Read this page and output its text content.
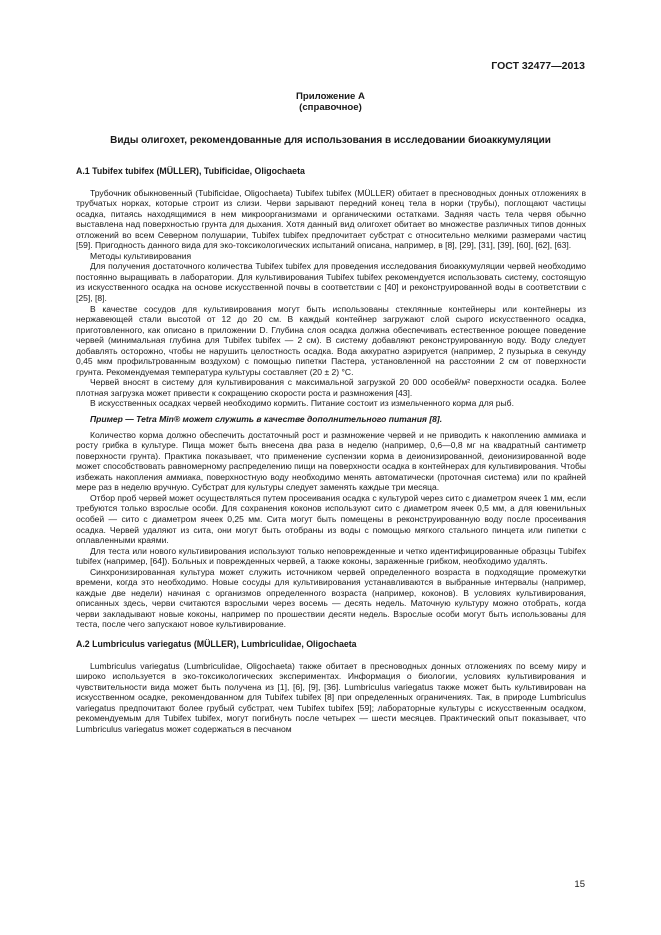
ГОСТ 32477—2013
Приложение А
(справочное)
Виды олигохет, рекомендованные для использования в исследовании биоаккумуляции
А.1 Tubifex tubifex (MÜLLER), Tubificidae, Oligochaeta

Трубочник обыкновенный (Tubificidae, Oligochaeta) Tubifex tubifex (MÜLLER) обитает в пресноводных донных отложениях в трубчатых норках, которые строит из слизи. Черви зарывают передний конец тела в норки (трубы), поглощают частицы осадка, питаясь находящимися в нем микроорганизмами и органическими остатками. Задняя часть тела червя обычно выставлена над поверхностью грунта для дыхания. Хотя данный вид олигохет обитает во множестве различных типов донных отложений во всем Северном полушарии, Tubifex tubifex предпочитает субстрат с относительно мелкими размерами частиц [59]. Пригодность данного вида для эко-токсикологических испытаний описана, например, в [8], [29], [31], [39], [60], [62], [63].

Методы культивирования

Для получения достаточного количества Tubifex tubifex для проведения исследования биоаккумуляции червей необходимо постоянно выращивать в лаборатории. Для культивирования Tubifex tubifex рекомендуется использовать систему, состоящую из искусственного осадка на основе искусственной почвы в соответствии с [40] и реконструированной воды в соответствии с [25], [8].

В качестве сосудов для культивирования могут быть использованы стеклянные контейнеры или контейнеры из нержавеющей стали высотой от 12 до 20 см. В каждый контейнер загружают слой сырого искусственного осадка, приготовленного, как описано в приложении D. Глубина слоя осадка должна обеспечивать естественное роющее поведение червей (минимальная глубина для Tubifex tubifex — 2 см). В систему добавляют реконструированную воду. Воду следует добавлять осторожно, чтобы не нарушить целостность осадка. Вода аккуратно аэрируется (например, 2 пузырька в секунду 0,45 мкм профильтрованным воздухом) с помощью пипетки Пастера, установленной на расстоянии 2 см от поверхности грунта. Рекомендуемая температура культуры составляет (20 ± 2) °С.

Червей вносят в систему для культивирования с максимальной загрузкой 20 000 особей/м² поверхности осадка. Более плотная загрузка может привести к сокращению скорости роста и размножения [43].

В искусственных осадках червей необходимо кормить. Питание состоит из измельченного корма для рыб.

Пример — Tetra Min® может служить в качестве дополнительного питания [8].

Количество корма должно обеспечить достаточный рост и размножение червей и не приводить к накоплению аммиака и росту грибка в культуре. Пища может быть внесена два раза в неделю (например, 0,6—0,8 мг на квадратный сантиметр поверхности грунта). Практика показывает, что применение суспензии корма в деионизированной, деионизированной воде может способствовать равномерному распределению пищи на поверхности осадка в контейнерах для культивирования. Чтобы избежать накопления аммиака, поверхностную воду необходимо менять автоматически (проточная система) или по крайней мере раз в неделю вручную. Субстрат для культуры следует заменять каждые три месяца.

Отбор проб червей может осуществляться путем просеивания осадка с культурой через сито с диаметром ячеек 1 мм, если требуются только взрослые особи. Для сохранения коконов используют сито с диаметром ячеек 0,5 мм, а для ювенильных особей — сито с диаметром ячеек 0,25 мм. Сита могут быть помещены в реконструированную воду после просеивания осадка. Червей удаляют из сита, они могут быть отобраны из воды с помощью мягкого стального пинцета или пипетки с оплавленными краями.

Для теста или нового культивирования используют только неповрежденные и четко идентифицированные образцы Tubifex tubifex (например, [64]). Больных и поврежденных червей, а также коконы, зараженные грибком, необходимо удалять.

Синхронизированная культура может служить источником червей определенного возраста в подходящие промежутки времени, когда это необходимо. Новые сосуды для культивирования устанавливаются в выбранные интервалы (например, каждые две недели) начиная с организмов определенного возраста (например, коконов). В условиях культивирования, описанных здесь, черви считаются взрослыми через восемь — десять недель. Маточную культуру можно отобрать, когда черви закладывают новые коконы, например по прошествии десяти недель. Взрослые особи могут быть использованы для теста, после чего запускают новое культивирование.

А.2 Lumbriculus variegatus (MÜLLER), Lumbriculidae, Oligochaeta

Lumbriculus variegatus (Lumbriculidae, Oligochaeta) также обитает в пресноводных донных отложениях по всему миру и широко используется в эко-токсикологических экспериментах. Информация о биологии, условиях культивирования и чувствительности вида может быть получена из [1], [6], [9], [36]. Lumbriculus variegatus также может быть культивирован на искусственном осадке, рекомендованном для Tubifex tubifex [8] при определенных ограничениях. Так, в природе Lumbriculus variegatus предпочитают более грубый субстрат, чем Tubifex tubifex [59]; лабораторные культуры с искусственным осадком, рекомендуемым для Tubifex tubifex, могут погибнуть после четырех — шести месяцев. Практический опыт показывает, что Lumbriculus variegatus может содержаться в песчаном

15
